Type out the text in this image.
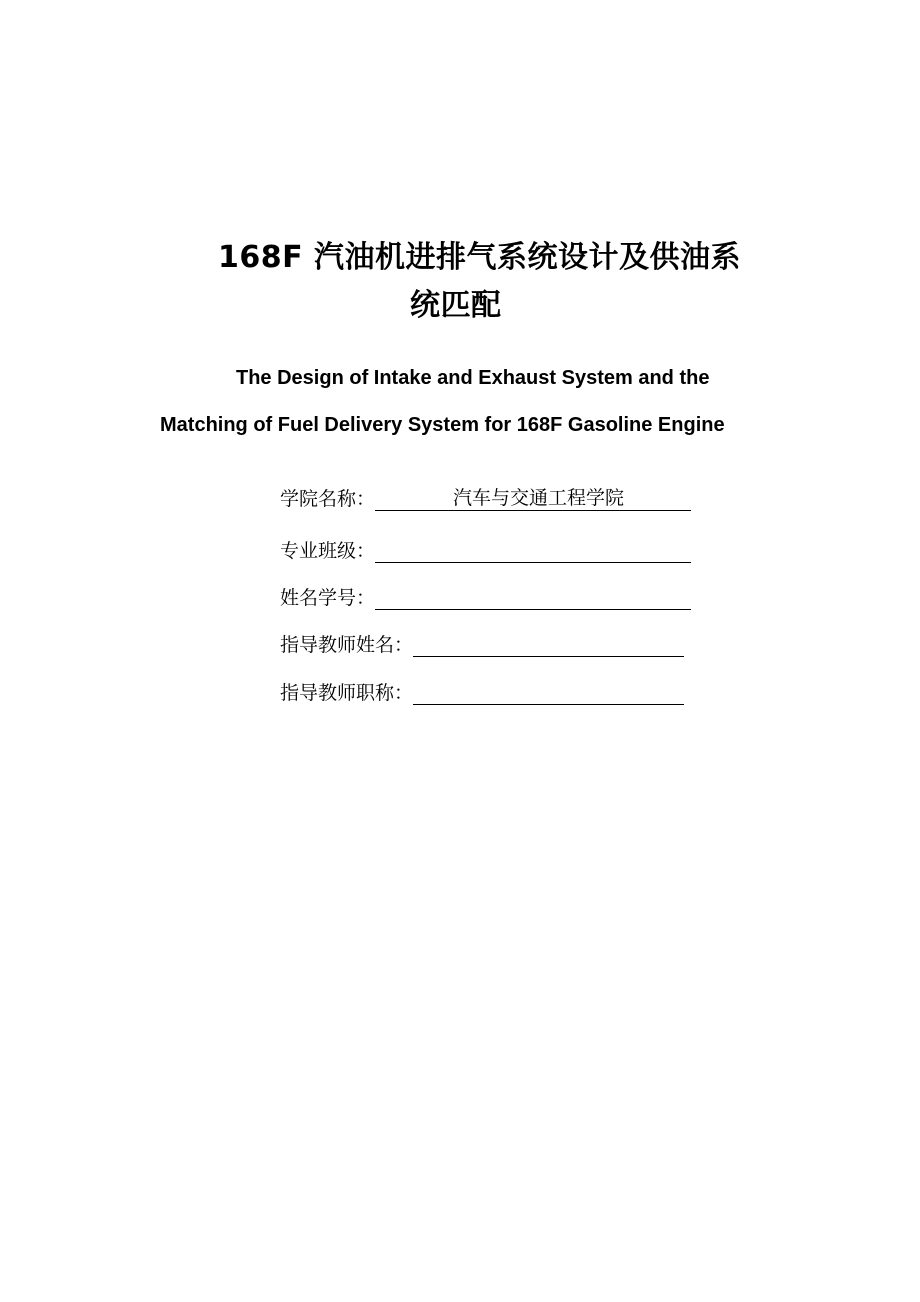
168F 汽油机进排气系统设计及供油系
统匹配
The Design of Intake and Exhaust System and the
Matching of Fuel Delivery System for 168F Gasoline Engine
学院名称：	汽车与交通工程学院
专业班级：
姓名学号：
指导教师姓名：
指导教师职称：
